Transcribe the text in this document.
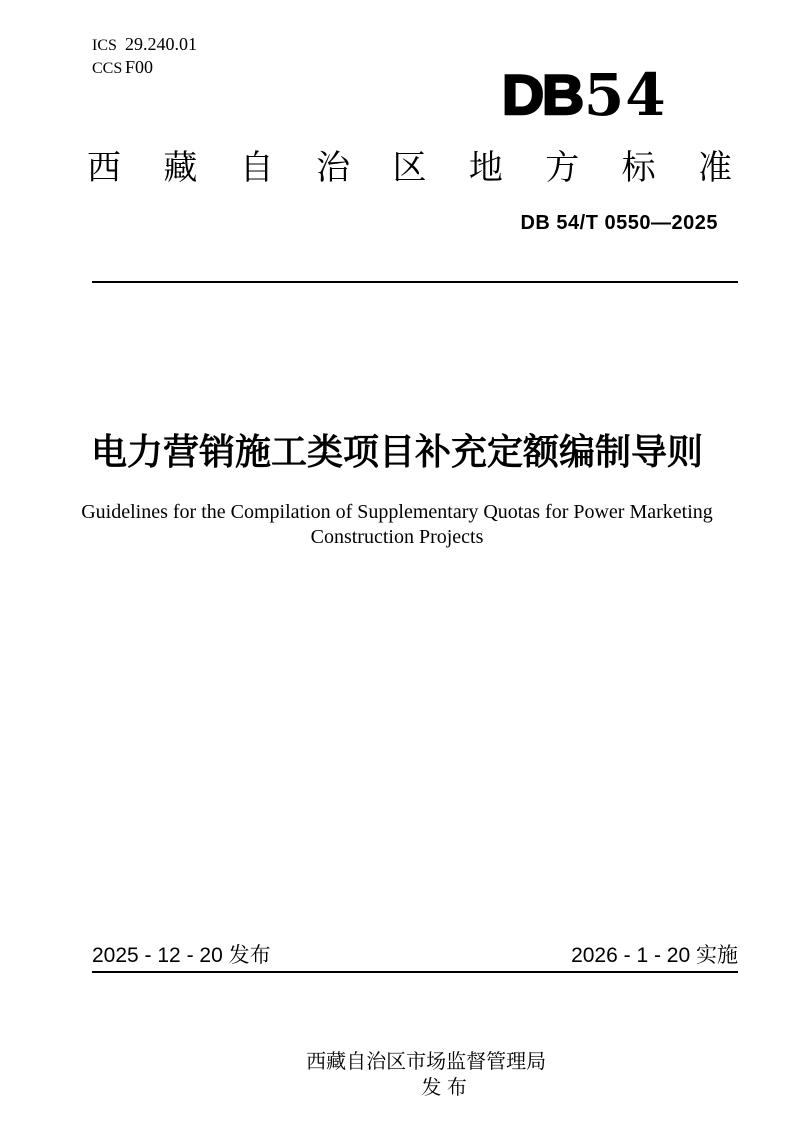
ICS 29.240.01
CCS F00	DB 54
西 藏 自 治 区 地 方 标 准
DB 54/T 0550—2025
电力营销施工类项目补充定额编制导则
Guidelines for the Compilation of Supplementary Quotas for Power Marketing
Construction Projects
2025 - 12 - 20 发布	2026 - 1 - 20 实施

西藏自治区市场监督管理局
发 布
